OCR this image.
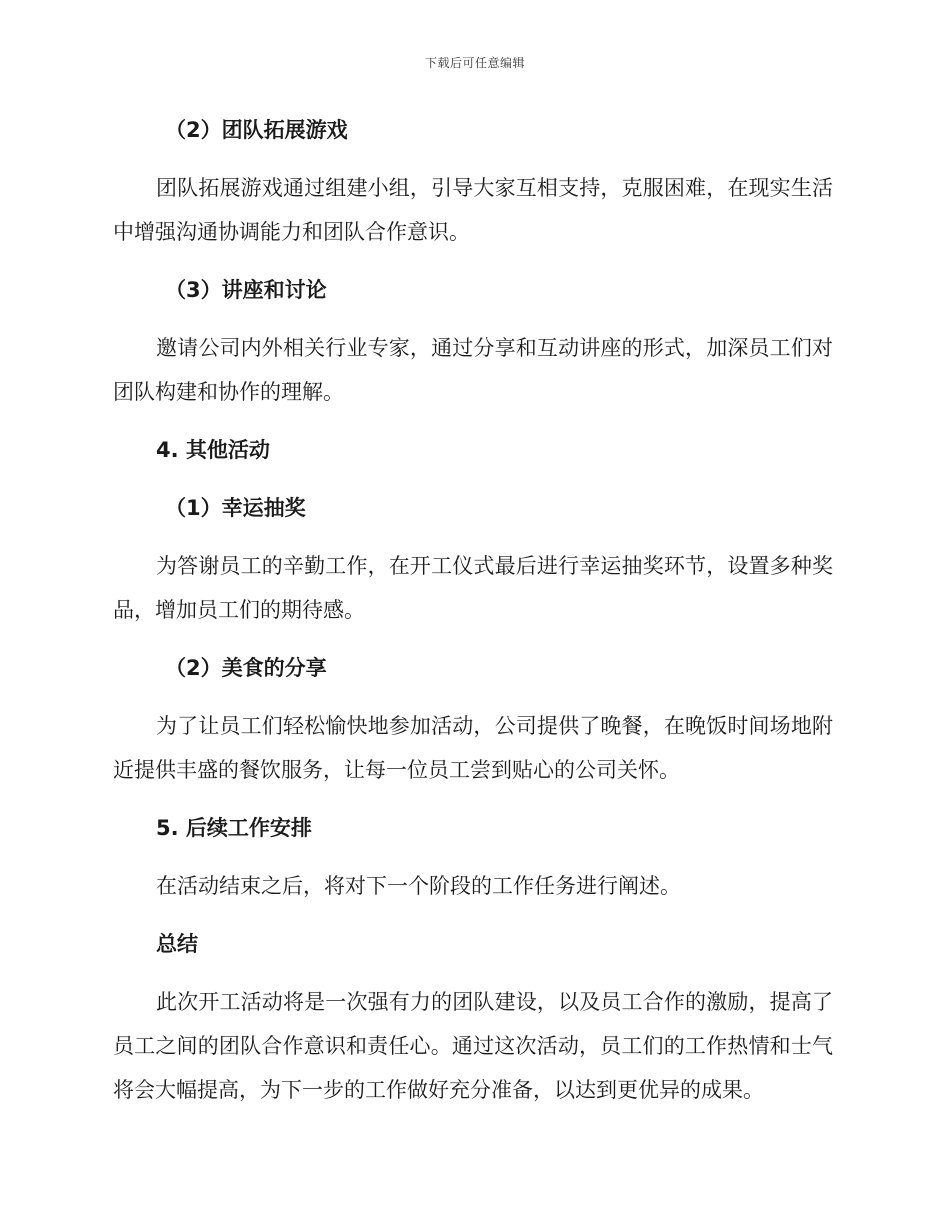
下载后可任意编辑
（2）团队拓展游戏
团队拓展游戏通过组建小组，引导大家互相支持，克服困难，在现实生活中增强沟通协调能力和团队合作意识。
（3）讲座和讨论
邀请公司内外相关行业专家，通过分享和互动讲座的形式，加深员工们对团队构建和协作的理解。
4. 其他活动
（1）幸运抽奖
为答谢员工的辛勤工作，在开工仪式最后进行幸运抽奖环节，设置多种奖品，增加员工们的期待感。
（2）美食的分享
为了让员工们轻松愉快地参加活动，公司提供了晚餐，在晚饭时间场地附近提供丰盛的餐饮服务，让每一位员工尝到贴心的公司关怀。
5. 后续工作安排
在活动结束之后，将对下一个阶段的工作任务进行阐述。
总结
此次开工活动将是一次强有力的团队建设，以及员工合作的激励，提高了员工之间的团队合作意识和责任心。通过这次活动，员工们的工作热情和士气将会大幅提高，为下一步的工作做好充分准备，以达到更优异的成果。
